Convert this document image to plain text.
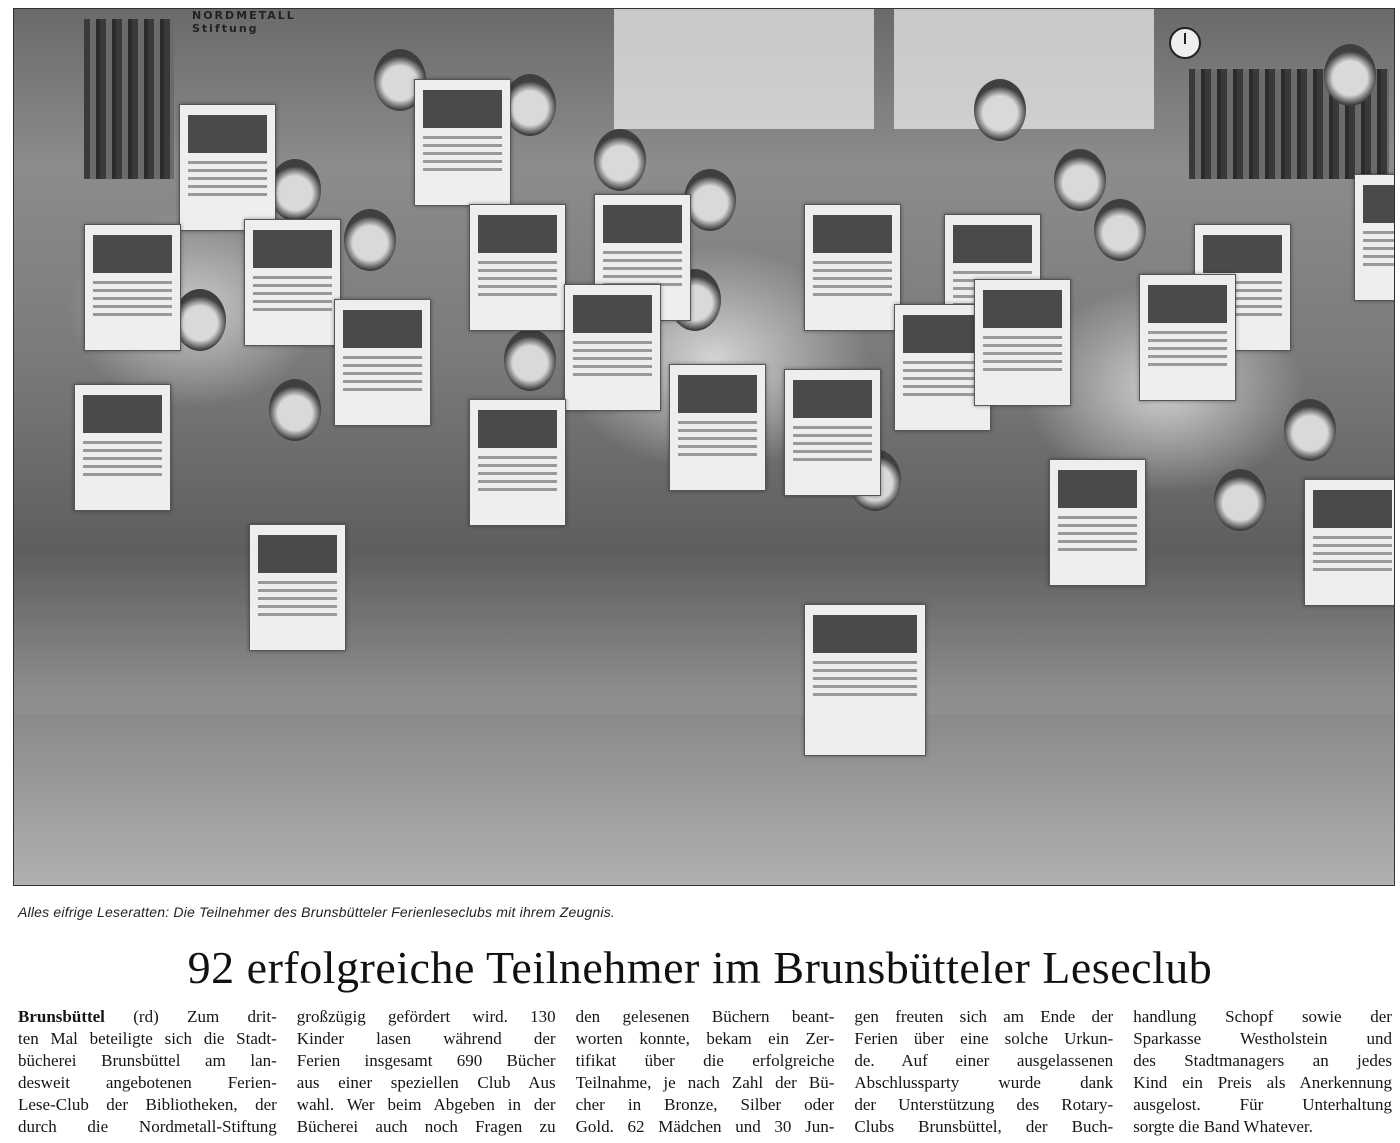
NORDMETALL
Stiftung
Alles eifrige Leseratten: Die Teilnehmer des Brunsbütteler Ferienleseclubs mit ihrem Zeugnis.
92 erfolgreiche Teilnehmer im Brunsbütteler Leseclub
Brunsbüttel (rd) Zum drit-
ten Mal beteiligte sich die Stadt-
bücherei Brunsbüttel am lan-
desweit angebotenen Ferien-
Lese-Club der Bibliotheken, der
durch die Nordmetall-Stiftung
großzügig gefördert wird. 130
Kinder lasen während der
Ferien insgesamt 690 Bücher
aus einer speziellen Club Aus
wahl. Wer beim Abgeben in der
Bücherei auch noch Fragen zu
den gelesenen Büchern beant-
worten konnte, bekam ein Zer-
tifikat über die erfolgreiche
Teilnahme, je nach Zahl der Bü-
cher in Bronze, Silber oder
Gold. 62 Mädchen und 30 Jun-
gen freuten sich am Ende der
Ferien über eine solche Urkun-
de. Auf einer ausgelassenen
Abschlussparty wurde dank
der Unterstützung des Rotary-
Clubs Brunsbüttel, der Buch-
handlung Schopf sowie der
Sparkasse Westholstein und
des Stadtmanagers an jedes
Kind ein Preis als Anerkennung
ausgelost. Für Unterhaltung
sorgte die Band Whatever.
